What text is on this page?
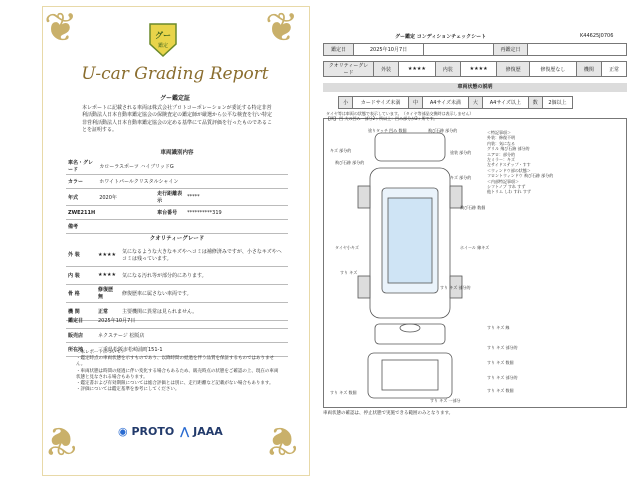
❦	❦
❦	❦
グー
鑑定
U-car Grading Report
グー鑑定証
本レポートに記載される車両は株式会社プロトコーポレーションが委託する特定非営利活動法人日本自動車鑑定協会の保険査定の鑑定師が厳選から公平な検査を行い特定非営利活動法人日本自動車鑑定協会の定める基準にて品質評価を行ったものであることを証明する。
車両識別内容
車名・グレード	カローラスポーツ ハイブリッドG		
カラー	ホワイトパールクリスタルシャイン		
年式	2020年	走行距離表示	*****
ZWE211H		車台番号	**********319
備考			
クオリティーグレード
外 装	★★★★	気になるような大きなキズやヘコミは補修済みですが、小さなキズやヘコミは残っています。
内 装	★★★★	気になる汚れ等が部分的にあります。
骨 格	修復歴 無	修復歴車に属さない車両です。
機 関	正常	主要機関に異常は見られません。
鑑定日	2025年10月7日
販売店	ネクステージ 松阪店
所在地	三重県松阪市松崎浦町151-1
＜本レポートについて＞
・鑑定時点の車両状態を示すものであり、以降時間の経過を伴う品質を保証するものではありません。
・車両状態は時間の経過に伴い変化する場合もあるため、販売時点の状態をご確認の上、現在の車両状態と見なされる場合もあります。
・鑑定書および有効期限については総合評価とは別に、走行距離など記載がない場合もあります。
・評価については鑑定基準を参考にしてください。
◉ PROTO ⋀ JAAA
グー鑑定 コンディションチェックシート	K44625J0706
鑑定日	2025年10月7日		再鑑定日	
クオリティーグレード	外装	★★★★	内装	★★★★	修復歴	修復歴なし	機関	正常
車両状態の説明
小	カードサイズ未満	中	A4サイズ未満	大	A4サイズ以上	数	2個以上
タイヤ等は車両の状態で表示しています。（タイヤ等部品交換時は表示しません）
【例】 凹 大の凹み一部分2ヶ所以上：凹み部分が2ヶ所です。
塗りタッチ 凹み 数個	飛び石跡 部分的
キズ 部分的
飛び石跡 部分的
塗装 部分的
キズ 部分的
飛び石跡 数個
タイヤ小キズ	ホイール 線キズ
すり キズ
すり キズ 部分的
すり キズ 線
すり キズ 部分的
すり キズ 数個
すり キズ 部分的
すり キズ 数個
すり キズ 数個
すり キズ 一部分
＜特記事項＞
外装：修復不明
内装：気になる
グリル 飛び石跡 部分的
エアロ：部分的
左ミラー：キズ
左サイドステップ・すす
＜ウィンドウ部の状態＞
フロントウィンドウ 飛び石跡 部分的
＜内部特記事項＞
シフトノブ すれ すず
他トリム しわ すれ すず
車両状態の確認は、停止状態で実施できる範囲のみとなります。
